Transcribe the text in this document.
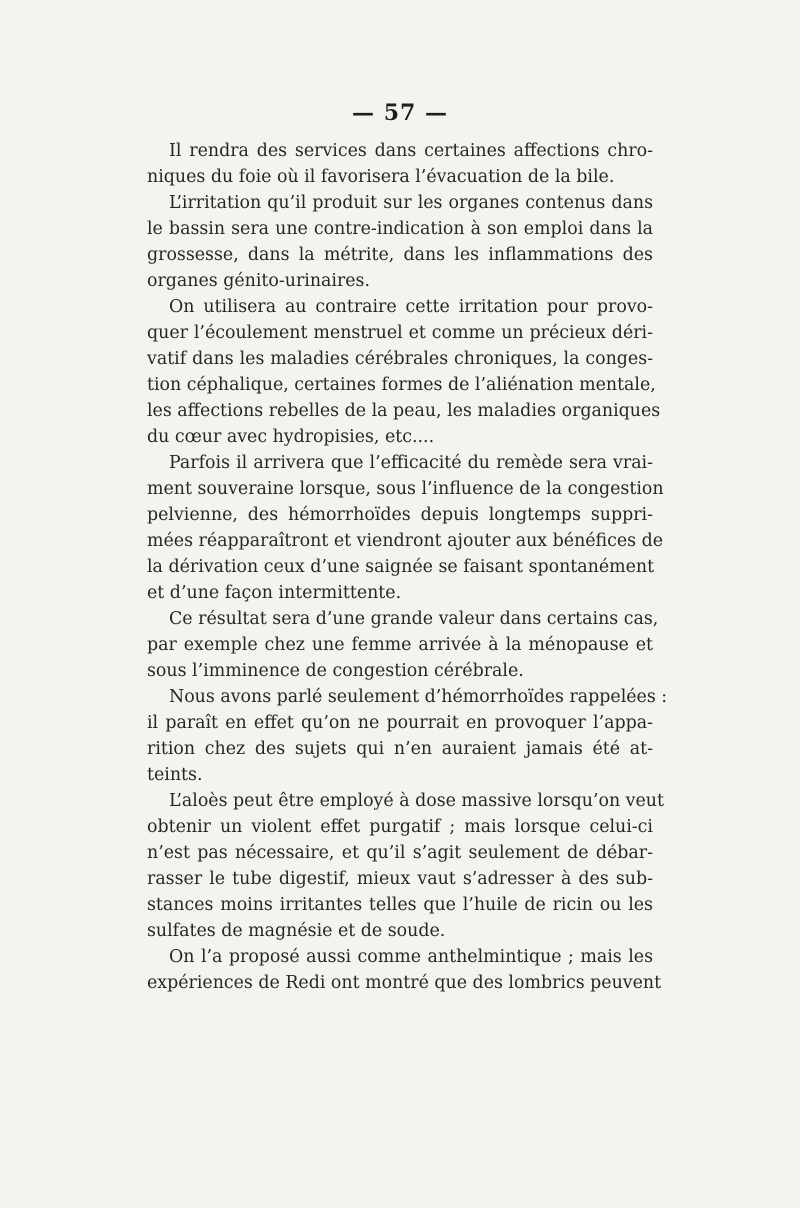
— 57 —
Il rendra des services dans certaines affections chro-
niques du foie où il favorisera l’évacuation de la bile.
L’irritation qu’il produit sur les organes contenus dans
le bassin sera une contre-indication à son emploi dans la
grossesse, dans la métrite, dans les inflammations des
organes génito-urinaires.
On utilisera au contraire cette irritation pour provo-
quer l’écoulement menstruel et comme un précieux déri-
vatif dans les maladies cérébrales chroniques, la conges-
tion céphalique, certaines formes de l’aliénation mentale,
les affections rebelles de la peau, les maladies organiques
du cœur avec hydropisies, etc....
Parfois il arrivera que l’efficacité du remède sera vrai-
ment souveraine lorsque, sous l’influence de la congestion
pelvienne, des hémorrhoïdes depuis longtemps suppri-
mées réapparaîtront et viendront ajouter aux bénéfices de
la dérivation ceux d’une saignée se faisant spontanément
et d’une façon intermittente.
Ce résultat sera d’une grande valeur dans certains cas,
par exemple chez une femme arrivée à la ménopause et
sous l’imminence de congestion cérébrale.
Nous avons parlé seulement d’hémorrhoïdes rappelées :
il paraît en effet qu’on ne pourrait en provoquer l’appa-
rition chez des sujets qui n’en auraient jamais été at-
teints.
L’aloès peut être employé à dose massive lorsqu’on veut
obtenir un violent effet purgatif ; mais lorsque celui-ci
n’est pas nécessaire, et qu’il s’agit seulement de débar-
rasser le tube digestif, mieux vaut s’adresser à des sub-
stances moins irritantes telles que l’huile de ricin ou les
sulfates de magnésie et de soude.
On l’a proposé aussi comme anthelmintique ; mais les
expériences de Redi ont montré que des lombrics peuvent
